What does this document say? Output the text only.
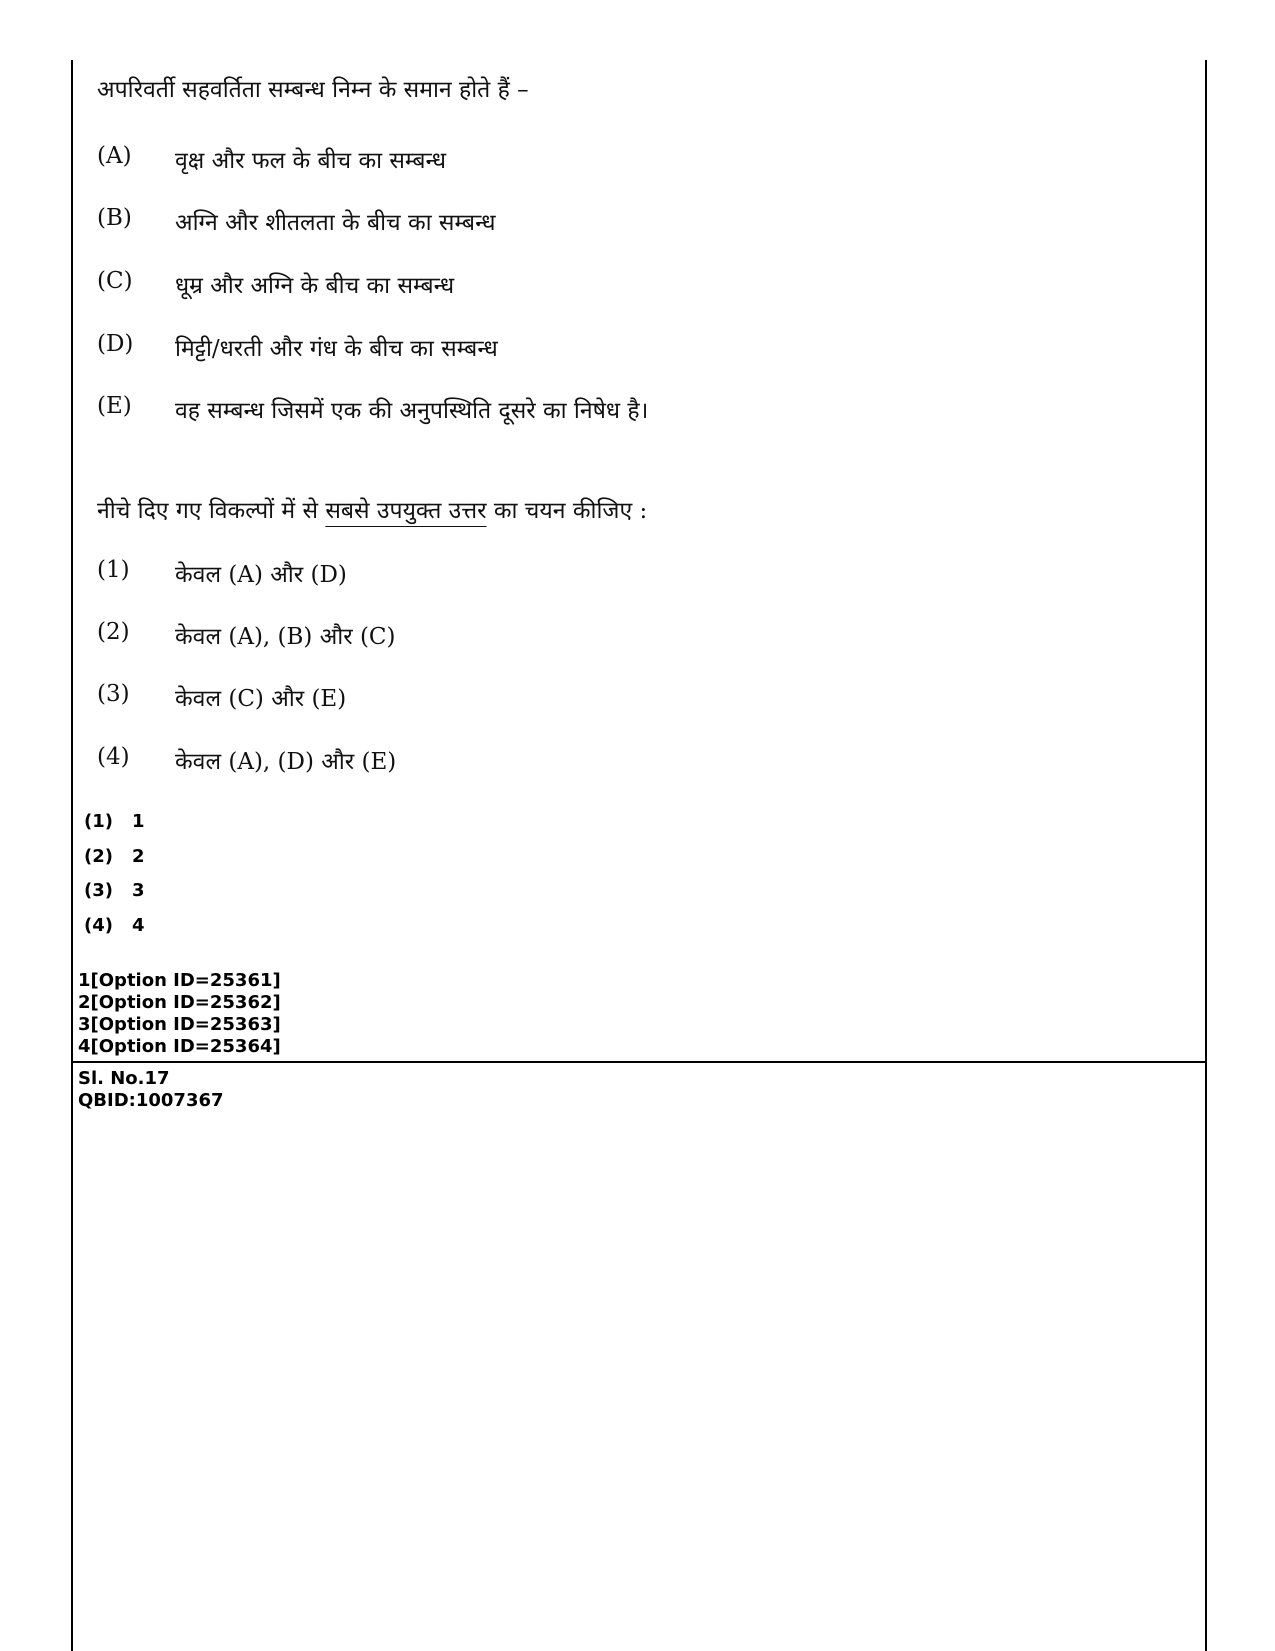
अपरिवर्ती सहवर्तिता सम्बन्ध निम्न के समान होते हैं –
(A)	वृक्ष और फल के बीच का सम्बन्ध
(B)	अग्नि और शीतलता के बीच का सम्बन्ध
(C)	धूम्र और अग्नि के बीच का सम्बन्ध
(D)	मिट्टी/धरती और गंध के बीच का सम्बन्ध
(E)	वह सम्बन्ध जिसमें एक की अनुपस्थिति दूसरे का निषेध है।
नीचे दिए गए विकल्पों में से सबसे उपयुक्त उत्तर का चयन कीजिए :
(1)	केवल (A) और (D)
(2)	केवल (A), (B) और (C)
(3)	केवल (C) और (E)
(4)	केवल (A), (D) और (E)
(1) 1
(2) 2
(3) 3
(4) 4
1[Option ID=25361]
2[Option ID=25362]
3[Option ID=25363]
4[Option ID=25364]
Sl. No.17
QBID:1007367
